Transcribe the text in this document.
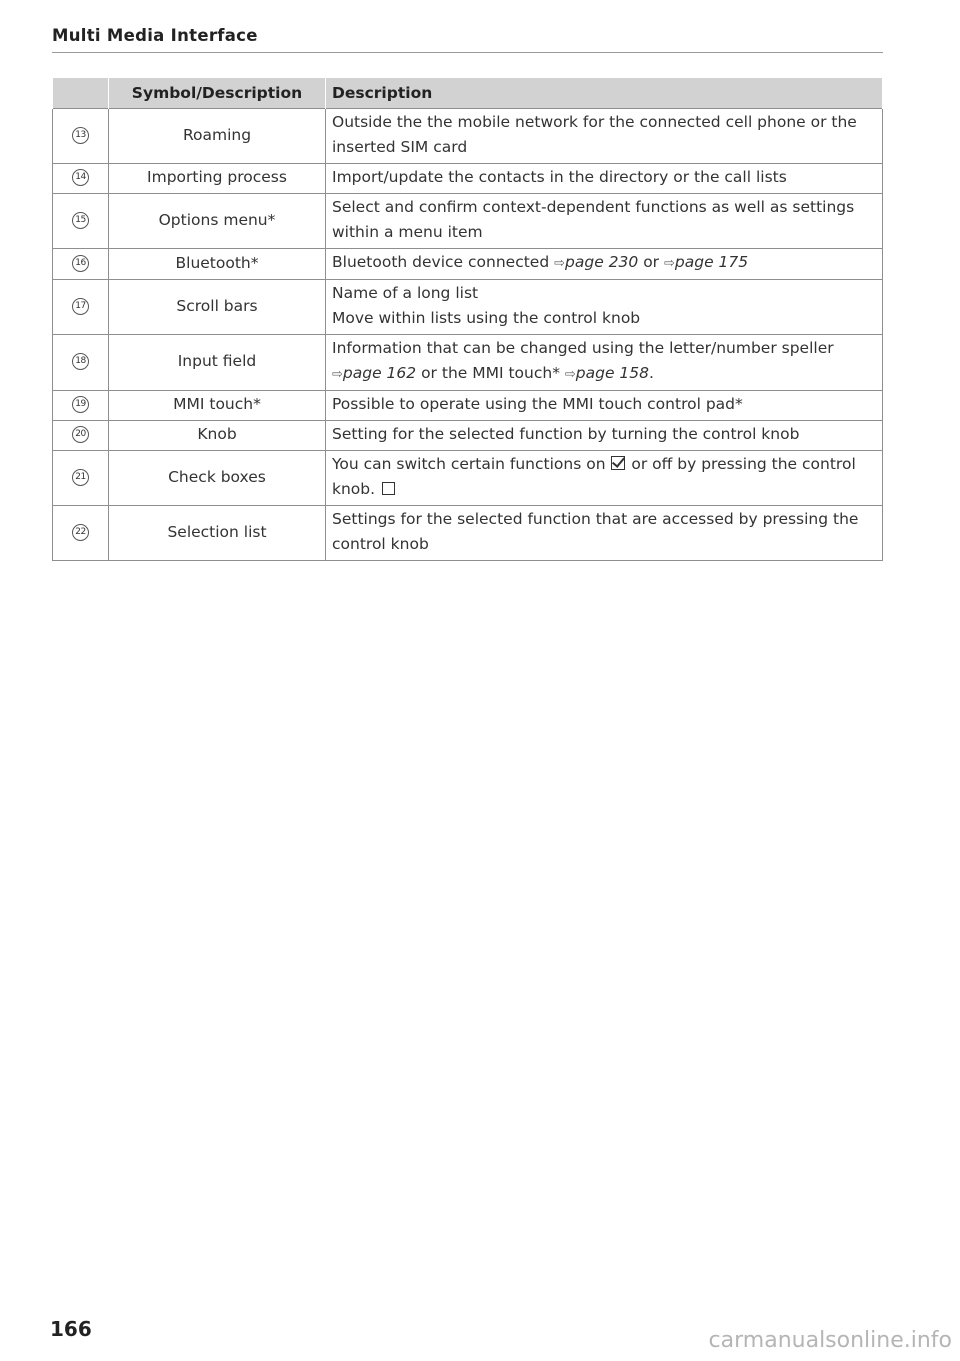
Multi Media Interface
	Symbol/Description	Description
13	Roaming	Outside the the mobile network for the connected cell phone or the
inserted SIM card
14	Importing process	Import/update the contacts in the directory or the call lists
15	Options menu*	Select and confirm context-dependent functions as well as settings
within a menu item
16	Bluetooth*	Bluetooth device connected ⇨page 230 or ⇨page 175
17	Scroll bars	Name of a long list
Move within lists using the control knob
18	Input field	Information that can be changed using the letter/number speller
⇨page 162 or the MMI touch* ⇨page 158.
19	MMI touch*	Possible to operate using the MMI touch control pad*
20	Knob	Setting for the selected function by turning the control knob
21	Check boxes	You can switch certain functions on or off by pressing the control
knob.
22	Selection list	Settings for the selected function that are accessed by pressing the
control knob
166	carmanualsonline.info
